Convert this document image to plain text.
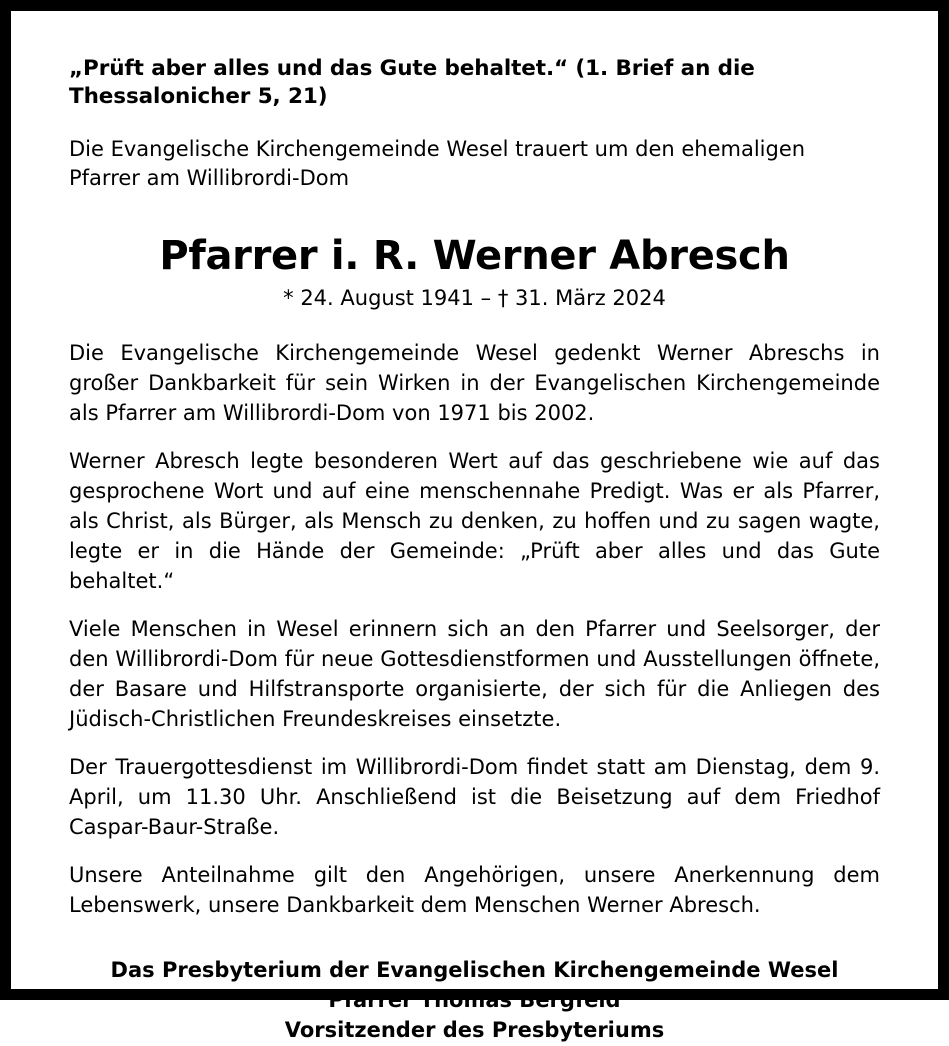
„Prüft aber alles und das Gute behaltet.“ (1. Brief an die Thessalonicher 5, 21)

Die Evangelische Kirchengemeinde Wesel trauert um den ehemaligen Pfarrer am Willibrordi-Dom

Pfarrer i. R. Werner Abresch
* 24. August 1941 – † 31. März 2024

Die Evangelische Kirchengemeinde Wesel gedenkt Werner Abreschs in großer Dankbarkeit für sein Wirken in der Evangelischen Kirchengemeinde als Pfarrer am Willibrordi-Dom von 1971 bis 2002.

Werner Abresch legte besonderen Wert auf das geschriebene wie auf das gesprochene Wort und auf eine menschennahe Predigt. Was er als Pfarrer, als Christ, als Bürger, als Mensch zu denken, zu hoffen und zu sagen wagte, legte er in die Hände der Gemeinde: „Prüft aber alles und das Gute behaltet.“

Viele Menschen in Wesel erinnern sich an den Pfarrer und Seelsorger, der den Willibrordi-Dom für neue Gottesdienstformen und Ausstellungen öffnete, der Basare und Hilfstransporte organisierte, der sich für die Anliegen des Jüdisch-Christlichen Freundeskreises einsetzte.

Der Trauergottesdienst im Willibrordi-Dom findet statt am Dienstag, dem 9. April, um 11.30 Uhr. Anschließend ist die Beisetzung auf dem Friedhof Caspar-Baur-Straße.

Unsere Anteilnahme gilt den Angehörigen, unsere Anerkennung dem Lebenswerk, unsere Dankbarkeit dem Menschen Werner Abresch.

Das Presbyterium der Evangelischen Kirchengemeinde Wesel

Pfarrer Thomas Bergfeld

Vorsitzender des Presbyteriums
